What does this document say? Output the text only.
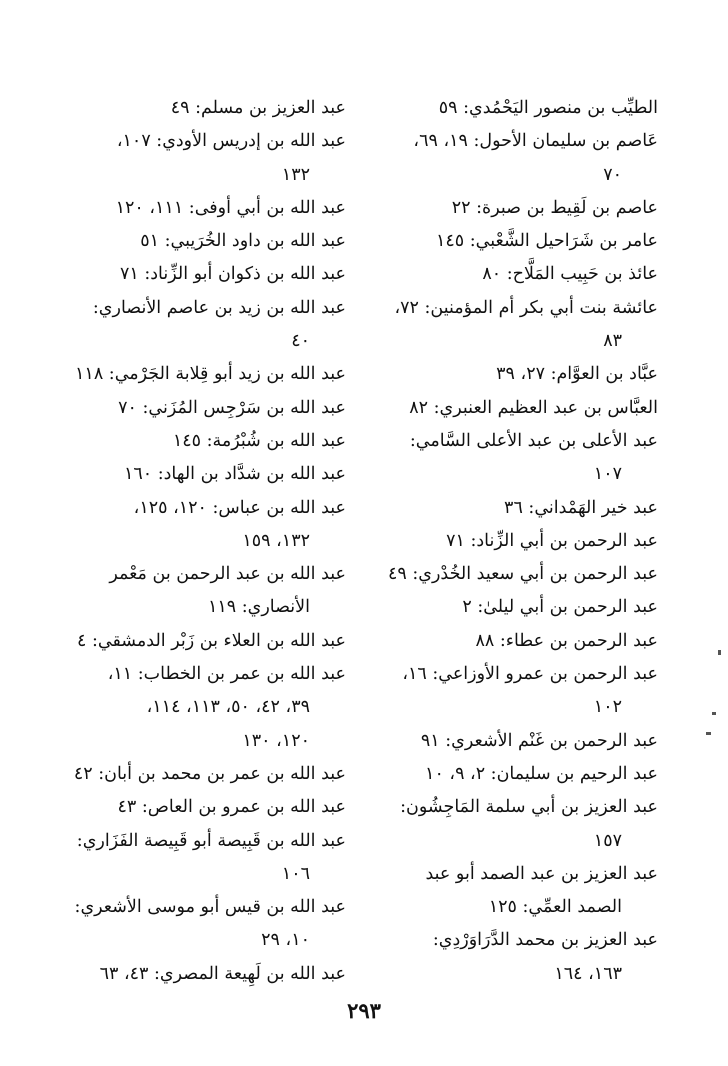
الطيِّب بن منصور اليَحْمُدي: ٥٩
عَاصم بن سليمان الأحول: ١٩، ٦٩،
٧٠
عاصم بن لَقِيط بن صبرة: ٢٢
عامر بن شَرَاحيل الشَّعْبي: ١٤٥
عائذ بن حَبِيب المَلَّاح: ٨٠
عائشة بنت أبي بكر أم المؤمنين: ٧٢،
٨٣
عبَّاد بن العوَّام: ٢٧، ٣٩
العبَّاس بن عبد العظيم العنبري: ٨٢
عبد الأعلى بن عبد الأعلى السَّامي:
١٠٧
عبد خير الهَمْداني: ٣٦
عبد الرحمن بن أبي الزِّناد: ٧١
عبد الرحمن بن أبي سعيد الخُدْري: ٤٩
عبد الرحمن بن أبي ليلىٰ: ٢
عبد الرحمن بن عطاء: ٨٨
عبد الرحمن بن عمرو الأوزاعي: ١٦،
١٠٢
عبد الرحمن بن غَنْم الأشعري: ٩١
عبد الرحيم بن سليمان: ٢، ٩، ١٠
عبد العزيز بن أبي سلمة المَاجِشُون:
١٥٧
عبد العزيز بن عبد الصمد أبو عبد
الصمد العمِّي: ١٢٥
عبد العزيز بن محمد الدَّرَاوَرْدِي:
١٦٣، ١٦٤
عبد العزيز بن مسلم: ٤٩
عبد الله بن إدريس الأودي: ١٠٧،
١٣٢
عبد الله بن أبي أوفى: ١١١، ١٢٠
عبد الله بن داود الخُرَيبي: ٥١
عبد الله بن ذكوان أبو الزِّناد: ٧١
عبد الله بن زيد بن عاصم الأنصاري:
٤٠
عبد الله بن زيد أبو قِلابة الجَرْمي: ١١٨
عبد الله بن سَرْجِس المُزَني: ٧٠
عبد الله بن شُبْرُمة: ١٤٥
عبد الله بن شدَّاد بن الهاد: ١٦٠
عبد الله بن عباس: ١٢٠، ١٢٥،
١٣٢، ١٥٩
عبد الله بن عبد الرحمن بن مَعْمر
الأنصاري: ١١٩
عبد الله بن العلاء بن زَبْر الدمشقي: ٤
عبد الله بن عمر بن الخطاب: ١١،
٣٩، ٤٢، ٥٠، ١١٣، ١١٤،
١٢٠، ١٣٠
عبد الله بن عمر بن محمد بن أبان: ٤٢
عبد الله بن عمرو بن العاص: ٤٣
عبد الله بن قَبِيصة أبو قَبِيصة الفَزَاري:
١٠٦
عبد الله بن قيس أبو موسى الأشعري:
١٠، ٢٩
عبد الله بن لَهِيعة المصري: ٤٣، ٦٣
٢٩٣
